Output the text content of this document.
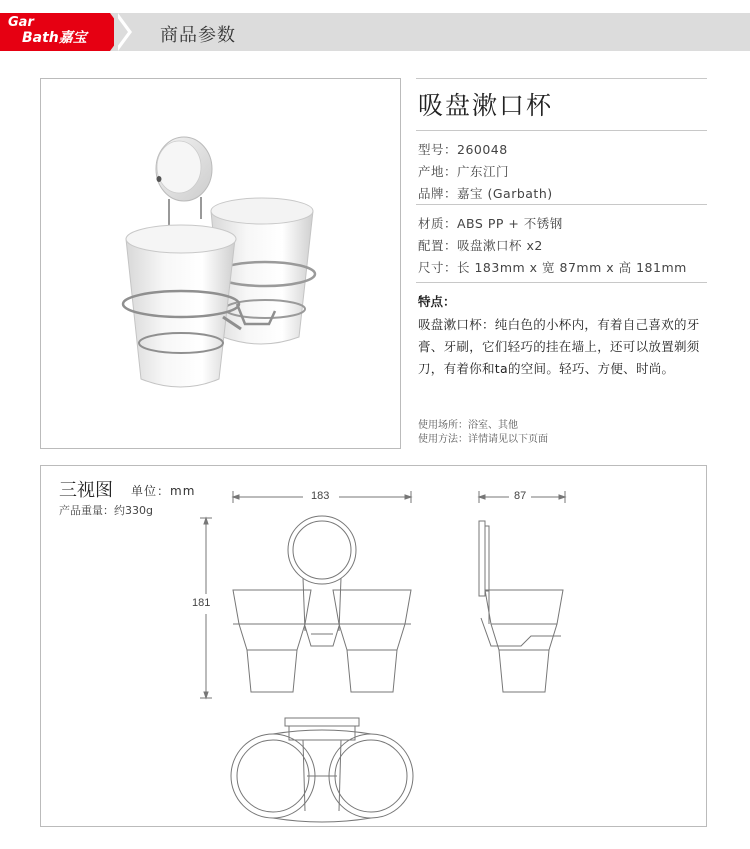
Gar
Bath嘉宝	商品参数
吸盘漱口杯
型号：260048
产地：广东江门
品牌：嘉宝 (Garbath)
材质：ABS PP + 不锈钢
配置：吸盘漱口杯 x2
尺寸：长 183mm x 宽 87mm x 高 181mm
特点：
吸盘漱口杯：纯白色的小杯内，有着自己喜欢的牙膏、牙刷，它们轻巧的挂在墙上，还可以放置剃须刀，有着你和ta的空间。轻巧、方便、时尚。
使用场所：浴室、其他
使用方法：详情请见以下页面
三视图 单位：mm
产品重量：约330g
183	87
181
